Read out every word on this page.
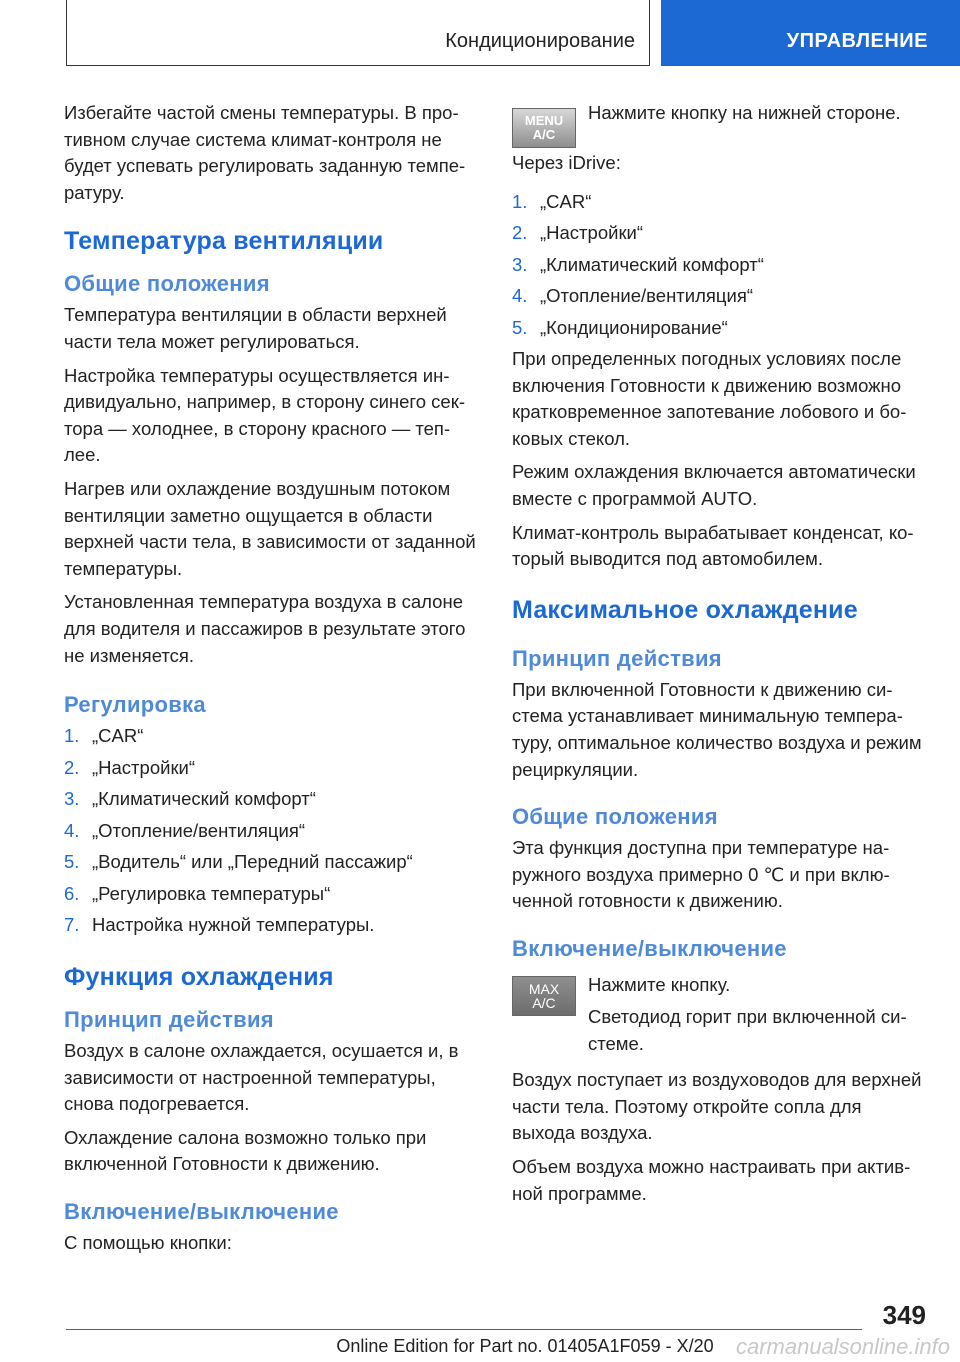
Кондиционирование	УПРАВЛЕНИЕ

Избегайте частой смены температуры. В противном случае система климат-контроля не будет успевать регулировать заданную температуру.

Температура вентиляции
Общие положения

Температура вентиляции в области верхней части тела может регулироваться.

Настройка температуры осуществляется индивидуально, например, в сторону синего сектора — холоднее, в сторону красного — теплее.

Нагрев или охлаждение воздушным потоком вентиляции заметно ощущается в области верхней части тела, в зависимости от заданной температуры.

Установленная температура воздуха в салоне для водителя и пассажиров в результате этого не изменяется.

Регулировка
1. „CAR“
2. „Настройки“
3. „Климатический комфорт“
4. „Отопление/вентиляция“
5. „Водитель“ или „Передний пассажир“
6. „Регулировка температуры“
7. Настройка нужной температуры.
Функция охлаждения
Принцип действия

Воздух в салоне охлаждается, осушается и, в зависимости от настроенной температуры, снова подогревается.

Охлаждение салона возможно только при включенной Готовности к движению.

Включение/выключение

С помощью кнопки:

MENU
A/C

Нажмите кнопку на нижней стороне.

Через iDrive:

1. „CAR“
2. „Настройки“
3. „Климатический комфорт“
4. „Отопление/вентиляция“
5. „Кондиционирование“

При определенных погодных условиях после включения Готовности к движению возможно кратковременное запотевание лобового и боковых стекол.

Режим охлаждения включается автоматически вместе с программой AUTO.

Климат-контроль вырабатывает конденсат, который выводится под автомобилем.

Максимальное охлаждение
Принцип действия

При включенной Готовности к движению система устанавливает минимальную температуру, оптимальное количество воздуха и режим рециркуляции.

Общие положения

Эта функция доступна при температуре наружного воздуха примерно 0 ℃ и при включенной готовности к движению.

Включение/выключение
MAX
A/C

Нажмите кнопку.

Светодиод горит при включенной системе.

Воздух поступает из воздуховодов для верхней части тела. Поэтому откройте сопла для выхода воздуха.

Объем воздуха можно настраивать при активной программе.

349
Online Edition for Part no. 01405A1F059 - X/20	carmanualsonline.info
